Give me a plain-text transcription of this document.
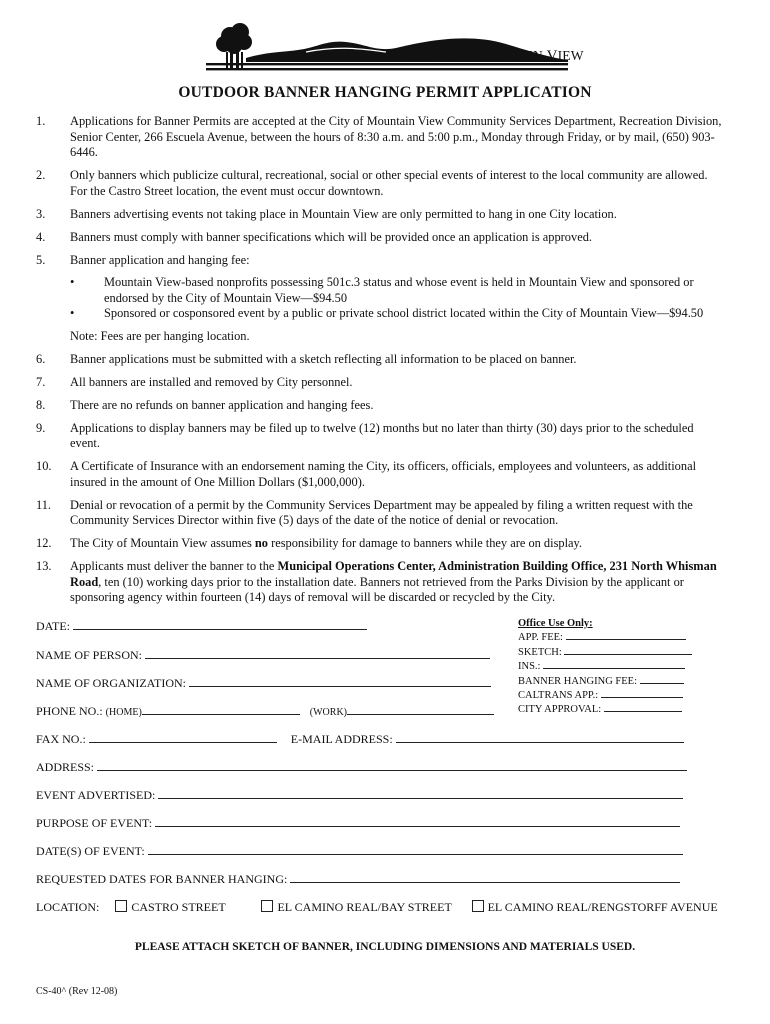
CITY OF MOUNTAIN VIEW
OUTDOOR BANNER HANGING PERMIT APPLICATION
1. Applications for Banner Permits are accepted at the City of Mountain View Community Services Department, Recreation Division, Senior Center, 266 Escuela Avenue, between the hours of 8:30 a.m. and 5:00 p.m., Monday through Friday, or by mail, (650) 903-6446.
2. Only banners which publicize cultural, recreational, social or other special events of interest to the local community are allowed. For the Castro Street location, the event must occur downtown.
3. Banners advertising events not taking place in Mountain View are only permitted to hang in one City location.
4. Banners must comply with banner specifications which will be provided once an application is approved.
5. Banner application and hanging fee:
• Mountain View-based nonprofits possessing 501c.3 status and whose event is held in Mountain View and sponsored or endorsed by the City of Mountain View—$94.50
• Sponsored or cosponsored event by a public or private school district located within the City of Mountain View—$94.50
Note: Fees are per hanging location.
6. Banner applications must be submitted with a sketch reflecting all information to be placed on banner.
7. All banners are installed and removed by City personnel.
8. There are no refunds on banner application and hanging fees.
9. Applications to display banners may be filed up to twelve (12) months but no later than thirty (30) days prior to the scheduled event.
10. A Certificate of Insurance with an endorsement naming the City, its officers, officials, employees and volunteers, as additional insured in the amount of One Million Dollars ($1,000,000).
11. Denial or revocation of a permit by the Community Services Department may be appealed by filing a written request with the Community Services Director within five (5) days of the date of the notice of denial or revocation.
12. The City of Mountain View assumes no responsibility for damage to banners while they are on display.
13. Applicants must deliver the banner to the Municipal Operations Center, Administration Building Office, 231 North Whisman Road, ten (10) working days prior to the installation date. Banners not retrieved from the Parks Division by the applicant or sponsoring agency within fourteen (14) days of removal will be discarded or recycled by the City.
DATE:
NAME OF PERSON:
NAME OF ORGANIZATION:
PHONE NO.: (HOME)	(WORK)
FAX NO.:	E-MAIL ADDRESS:
ADDRESS:
EVENT ADVERTISED:
PURPOSE OF EVENT:
DATE(S) OF EVENT:
REQUESTED DATES FOR BANNER HANGING:
LOCATION:	CASTRO STREET	EL CAMINO REAL/BAY STREET	EL CAMINO REAL/RENGSTORFF AVENUE
Office Use Only:
APP. FEE:
SKETCH:
INS.:
BANNER HANGING FEE:
CALTRANS APP.:
CITY APPROVAL:
PLEASE ATTACH SKETCH OF BANNER, INCLUDING DIMENSIONS AND MATERIALS USED.
CS-40^ (Rev 12-08)
